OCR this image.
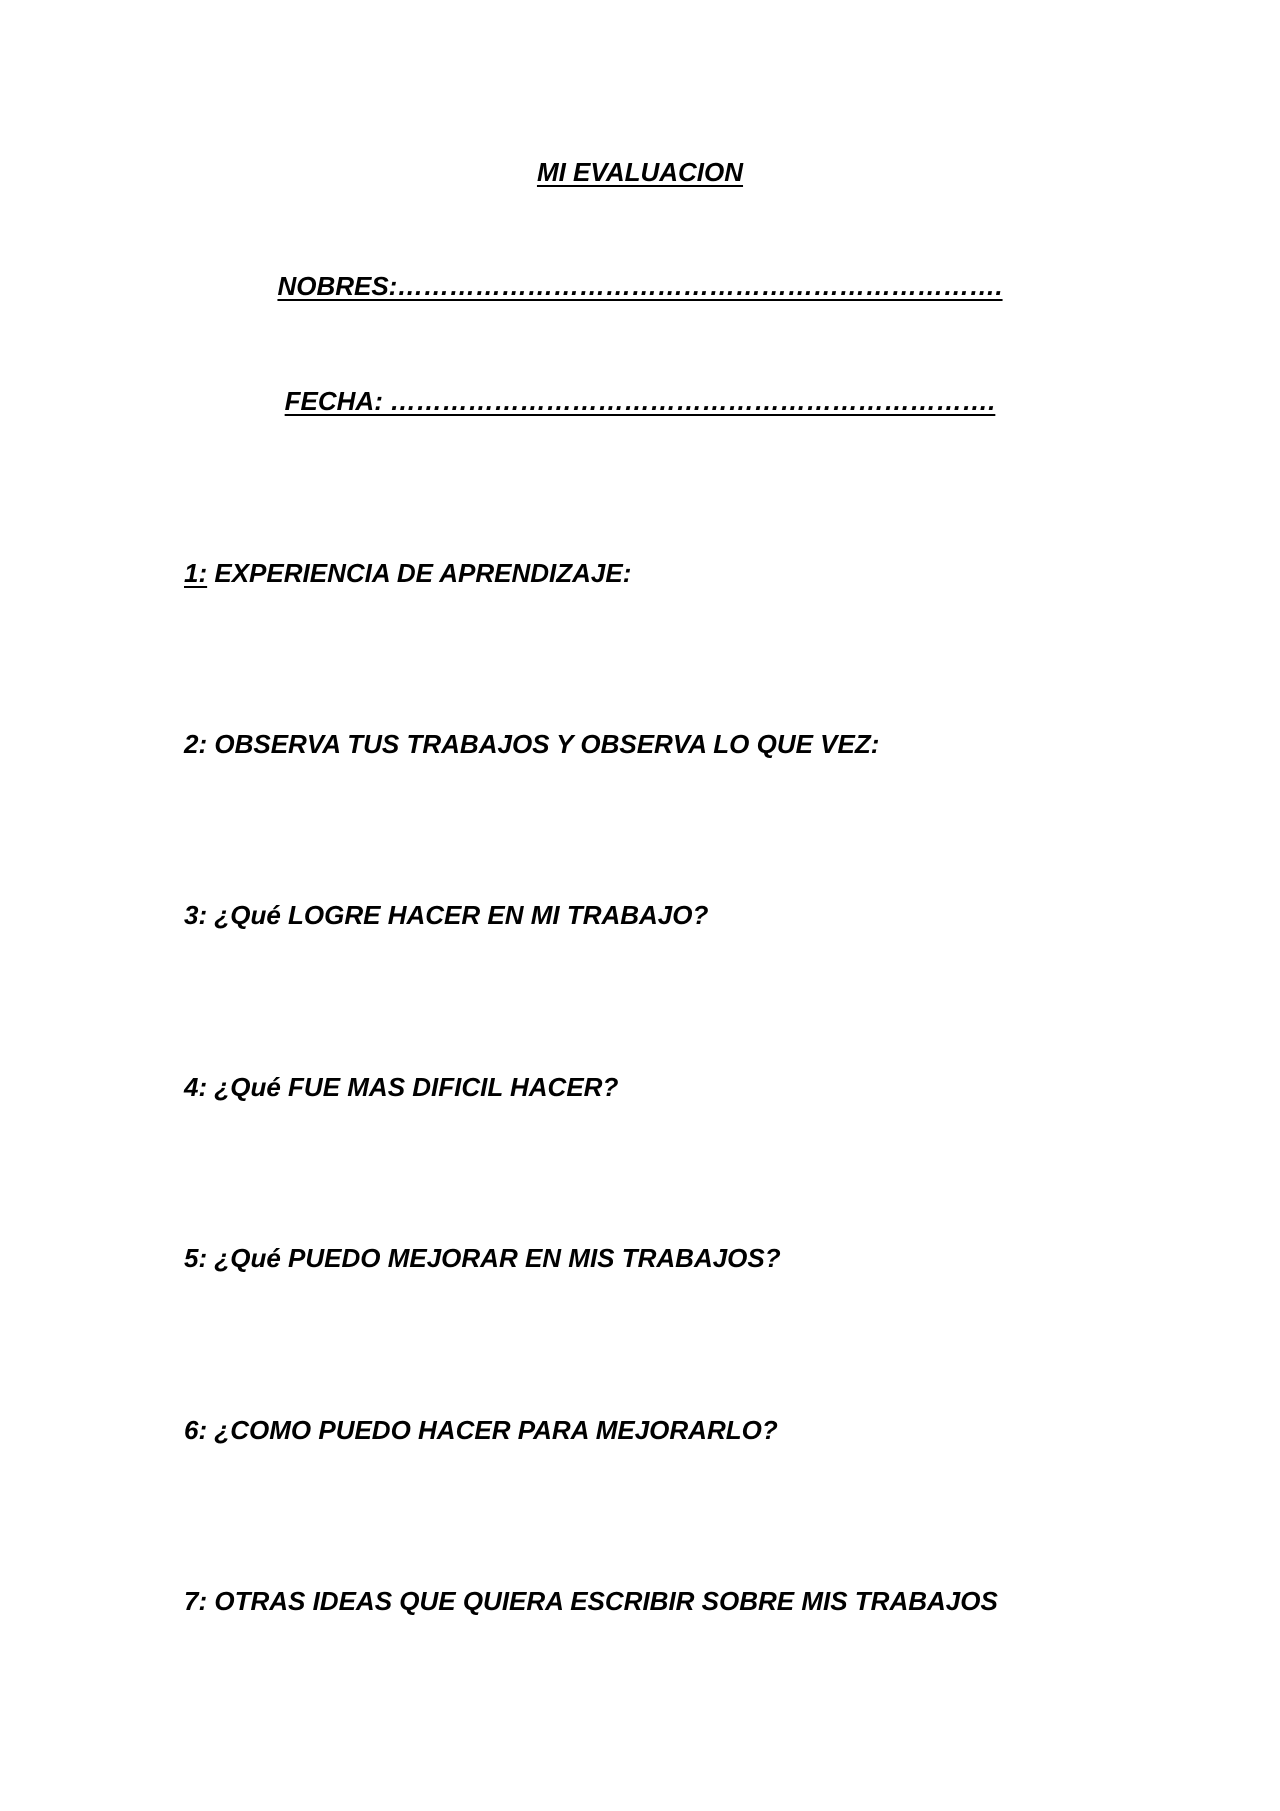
MI EVALUACION
NOBRES:…………………………………………………………….
FECHA: …………………………………………………………….
1: EXPERIENCIA DE APRENDIZAJE:
2: OBSERVA TUS TRABAJOS Y OBSERVA LO QUE VEZ:
3: ¿Qué LOGRE HACER EN MI TRABAJO?
4: ¿Qué FUE MAS DIFICIL HACER?
5: ¿Qué PUEDO MEJORAR EN MIS TRABAJOS?
6: ¿COMO PUEDO HACER PARA MEJORARLO?
7: OTRAS IDEAS QUE QUIERA ESCRIBIR SOBRE MIS TRABAJOS
